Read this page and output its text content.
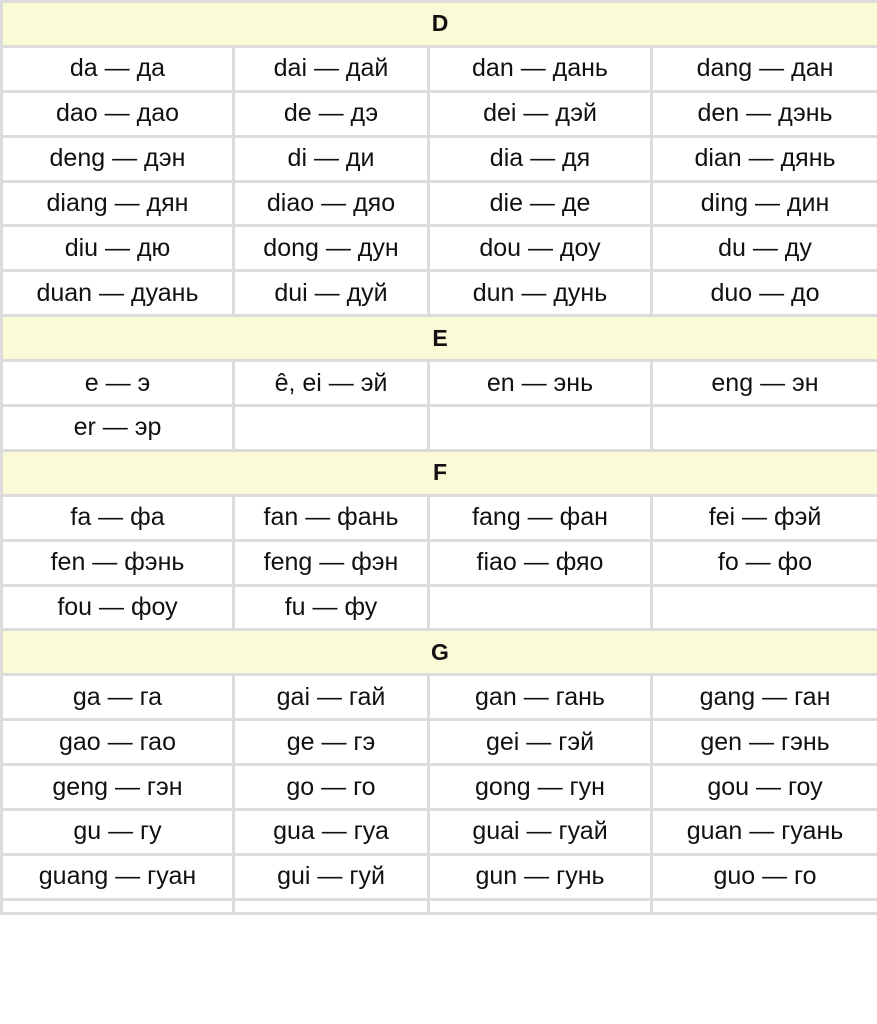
D			
da — да	dai — дай	dan — дань	dang — дан
dao — дао	de — дэ	dei — дэй	den — дэнь
deng — дэн	di — ди	dia — дя	dian — дянь
diang — дян	diao — дяо	die — де	ding — дин
diu — дю	dong — дун	dou — доу	du — ду
duan — дуань	dui — дуй	dun — дунь	duo — до
E			
e — э	ê, ei — эй	en — энь	eng — эн
er — эр			
F			
fa — фа	fan — фань	fang — фан	fei — фэй
fen — фэнь	feng — фэн	fiao — фяо	fo — фо
fou — фоу	fu — фу		
G			
ga — га	gai — гай	gan — гань	gang — ган
gao — гао	ge — гэ	gei — гэй	gen — гэнь
geng — гэн	go — го	gong — гун	gou — гоу
gu — гу	gua — гуа	guai — гуай	guan — гуань
guang — гуан	gui — гуй	gun — гунь	guo — го
